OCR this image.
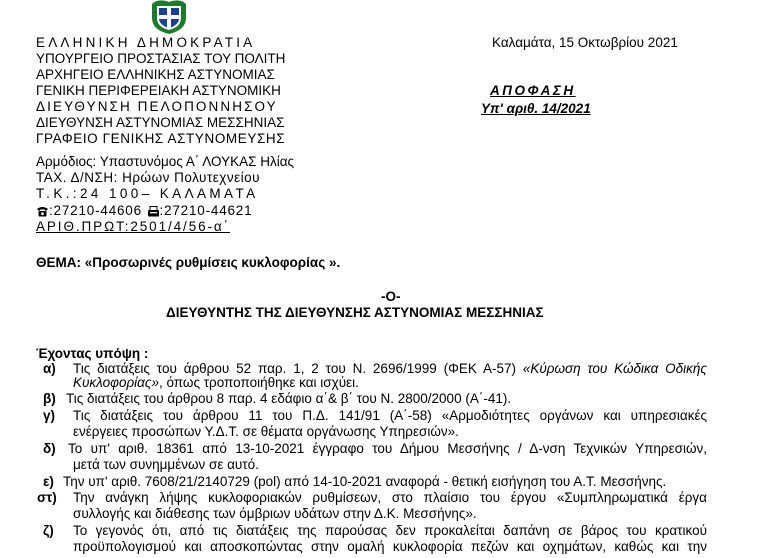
ΕΛΛΗΝΙΚΗ ΔΗΜΟΚΡΑΤΙΑ
ΥΠΟΥΡΓΕΙΟ ΠΡΟΣΤΑΣΙΑΣ ΤΟΥ ΠΟΛΙΤΗ
ΑΡΧΗΓΕΙΟ ΕΛΛΗΝΙΚΗΣ ΑΣΤΥΝΟΜΙΑΣ
ΓΕΝΙΚΗ ΠΕΡΙΦΕΡΕΙΑΚΗ ΑΣΤΥΝΟΜΙΚΗ
ΔΙΕΥΘΥΝΣΗ ΠΕΛΟΠΟΝΝΗΣΟΥ
ΔΙΕΥΘΥΝΣΗ ΑΣΤΥΝΟΜΙΑΣ ΜΕΣΣΗΝΙΑΣ
ΓΡΑΦΕΙΟ ΓΕΝΙΚΗΣ ΑΣΤΥΝΟΜΕΥΣΗΣ
Αρμόδιος: Υπαστυνόμος Α΄ ΛΟΥΚΑΣ Ηλίας
ΤΑΧ. Δ/ΝΣΗ: Ηρώων Πολυτεχνείου
Τ.Κ.:24 100– ΚΑΛΑΜΑΤΑ
:27210-44606 :27210-44621
ΑΡΙΘ.ΠΡΩΤ:2501/4/56-α΄
Καλαμάτα, 15 Οκτωβρίου 2021
ΑΠΟΦΑΣΗ
Υπ' αριθ. 14/2021
ΘΕΜΑ: «Προσωρινές ρυθμίσεις κυκλοφορίας ».
-Ο-
ΔΙΕΥΘΥΝΤΗΣ ΤΗΣ ΔΙΕΥΘΥΝΣΗΣ ΑΣΤΥΝΟΜΙΑΣ ΜΕΣΣΗΝΙΑΣ
Έχοντας υπόψη :
α) Τις διατάξεις του άρθρου 52 παρ. 1, 2 του Ν. 2696/1999 (ΦΕΚ Α-57) «Κύρωση του Κώδικα Οδικής
Κυκλοφορίας», όπως τροποποιήθηκε και ισχύει.
β) Τις διατάξεις του άρθρου 8 παρ. 4 εδάφιο α΄& β΄ του Ν. 2800/2000 (Α΄-41).
γ) Τις διατάξεις του άρθρου 11 του Π.Δ. 141/91 (Α΄-58) «Αρμοδιότητες οργάνων και υπηρεσιακές
ενέργειες προσώπων Υ.Δ.Τ. σε θέματα οργάνωσης Υπηρεσιών».
δ) Το υπ' αριθ. 18361 από 13-10-2021 έγγραφο του Δήμου Μεσσήνης / Δ-νση Τεχνικών Υπηρεσιών,
μετά των συνημμένων σε αυτό.
ε) Την υπ' αριθ. 7608/21/2140729 (pol) από 14-10-2021 αναφορά - θετική εισήγηση του Α.Τ. Μεσσήνης.
στ) Την ανάγκη λήψης κυκλοφοριακών ρυθμίσεων, στο πλαίσιο του έργου «Συμπληρωματικά έργα
συλλογής και διάθεσης των όμβριων υδάτων στην Δ.Κ. Μεσσήνης».
ζ) Το γεγονός ότι, από τις διατάξεις της παρούσας δεν προκαλείται δαπάνη σε βάρος του κρατικού
προϋπολογισμού και αποσκοπώντας στην ομαλή κυκλοφορία πεζών και οχημάτων, καθώς και την
